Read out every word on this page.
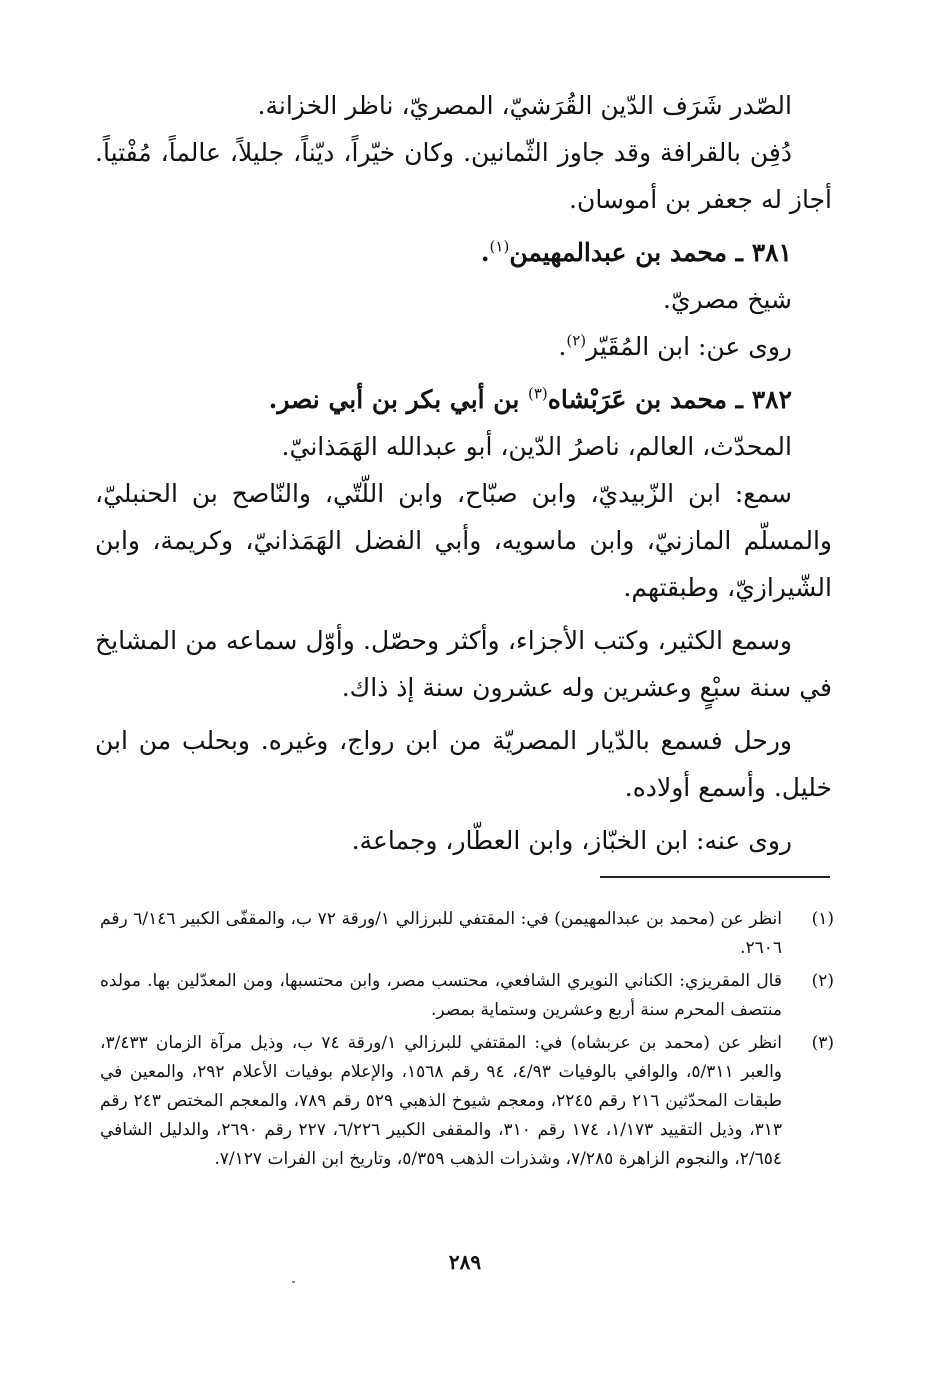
الصّدر شَرَف الدّين القُرَشيّ، المصريّ، ناظر الخزانة.

دُفِن بالقرافة وقد جاوز الثّمانين. وكان خيّراً، ديّناً، جليلاً، عالماً، مُفْتياً. أجاز له جعفر بن أموسان.

٣٨١ ـ محمد بن عبدالمهيمن$^{(١)}$.

شيخ مصريّ.

روى عن: ابن المُقَيّر$^{(٢)}$.

٣٨٢ ـ محمد بن عَرَبْشاه$^{(٣)}$ بن أبي بكر بن أبي نصر.

المحدّث، العالم، ناصرُ الدّين، أبو عبدالله الهَمَذانيّ.

سمع: ابن الزّبيديّ، وابن صبّاح، وابن اللّتّي، والنّاصح بن الحنبليّ، والمسلّم المازنيّ، وابن ماسويه، وأبي الفضل الهَمَذانيّ، وكريمة، وابن الشّيرازيّ، وطبقتهم.

وسمع الكثير، وكتب الأجزاء، وأكثر وحصّل. وأوّل سماعه من المشايخ في سنة سبْعٍ وعشرين وله عشرون سنة إذ ذاك.

ورحل فسمع بالدّيار المصريّة من ابن رواج، وغيره. وبحلب من ابن خليل. وأسمع أولاده.

روى عنه: ابن الخبّاز، وابن العطّار، وجماعة.

(١)
انظر عن (محمد بن عبدالمهيمن) في: المقتفي للبرزالي ١/ورقة ٧٢ ب، والمقفّى الكبير ٦/١٤٦ رقم ٢٦٠٦.
(٢)
قال المقريزي: الكناني النويري الشافعي، محتسب مصر، وابن محتسبها، ومن المعدّلين بها. مولده منتصف المحرم سنة أربع وعشرين وستماية بمصر.
(٣)
انظر عن (محمد بن عربشاه) في: المقتفي للبرزالي ١/ورقة ٧٤ ب، وذيل مرآة الزمان ٣/٤٣٣، والعبر ٥/٣١١، والوافي بالوفيات ٤/٩٣، ٩٤ رقم ١٥٦٨، والإعلام بوفيات الأعلام ٢٩٢، والمعين في طبقات المحدّثين ٢١٦ رقم ٢٢٤٥، ومعجم شيوخ الذهبي ٥٢٩ رقم ٧٨٩، والمعجم المختص ٢٤٣ رقم ٣١٣، وذيل التقييد ١/١٧٣، ١٧٤ رقم ٣١٠، والمقفى الكبير ٦/٢٢٦، ٢٢٧ رقم ٢٦٩٠، والدليل الشافي ٢/٦٥٤، والنجوم الزاهرة ٧/٢٨٥، وشذرات الذهب ٥/٣٥٩، وتاريخ ابن الفرات ٧/١٢٧.
٢٨٩
